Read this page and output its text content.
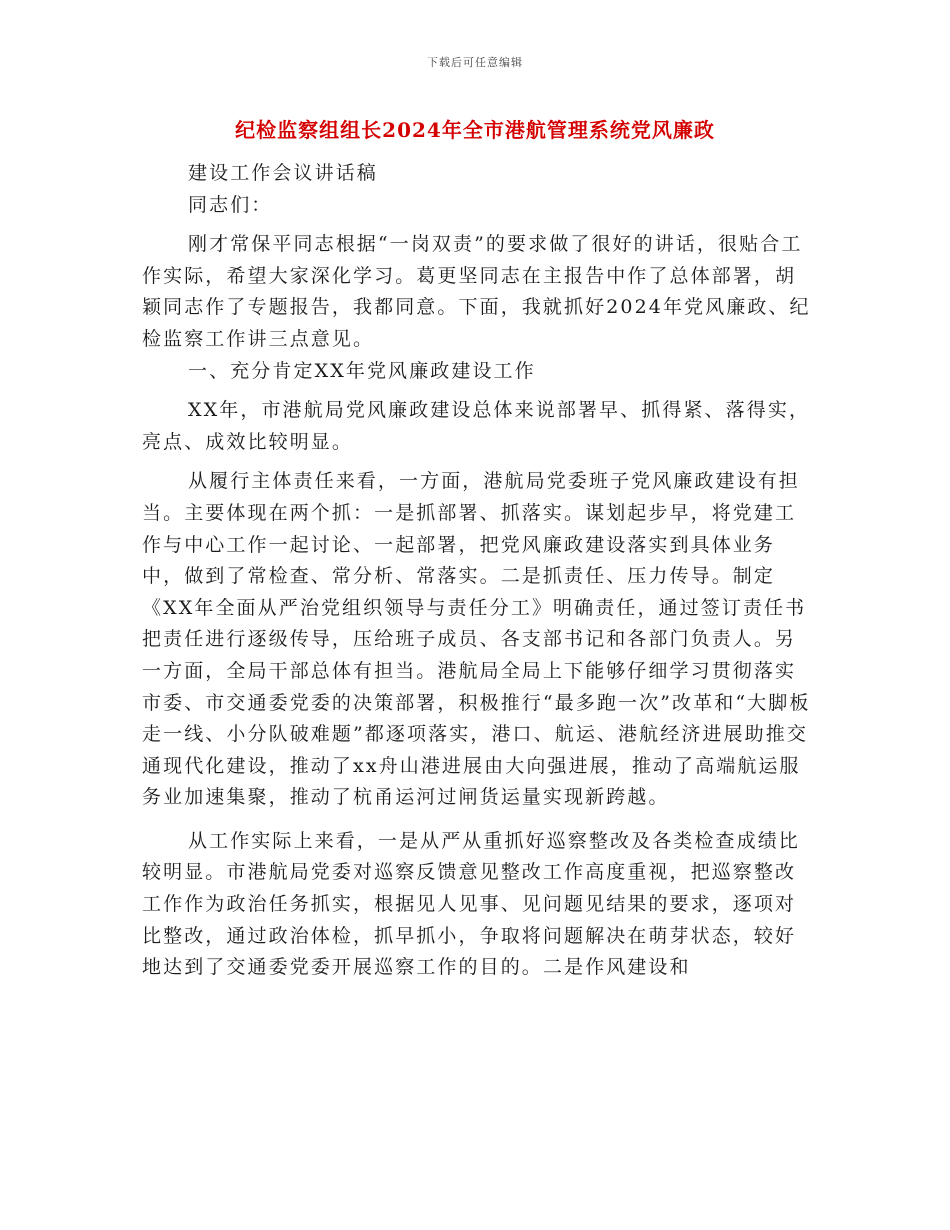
下载后可任意编辑
纪检监察组组长2024年全市港航管理系统党风廉政

建设工作会议讲话稿

同志们：

刚才常保平同志根据“一岗双责”的要求做了很好的讲话，很贴合工作实际，希望大家深化学习。葛更坚同志在主报告中作了总体部署，胡颖同志作了专题报告，我都同意。下面，我就抓好2024年党风廉政、纪检监察工作讲三点意见。

一、充分肯定XX年党风廉政建设工作

XX年，市港航局党风廉政建设总体来说部署早、抓得紧、落得实，亮点、成效比较明显。

从履行主体责任来看，一方面，港航局党委班子党风廉政建设有担当。主要体现在两个抓：一是抓部署、抓落实。谋划起步早，将党建工作与中心工作一起讨论、一起部署，把党风廉政建设落实到具体业务中，做到了常检查、常分析、常落实。二是抓责任、压力传导。制定《XX年全面从严治党组织领导与责任分工》明确责任，通过签订责任书把责任进行逐级传导，压给班子成员、各支部书记和各部门负责人。另一方面，全局干部总体有担当。港航局全局上下能够仔细学习贯彻落实市委、市交通委党委的决策部署，积极推行“最多跑一次”改革和“大脚板走一线、小分队破难题”都逐项落实，港口、航运、港航经济进展助推交通现代化建设，推动了xx舟山港进展由大向强进展，推动了高端航运服务业加速集聚，推动了杭甬运河过闸货运量实现新跨越。

从工作实际上来看，一是从严从重抓好巡察整改及各类检查成绩比较明显。市港航局党委对巡察反馈意见整改工作高度重视，把巡察整改工作作为政治任务抓实，根据见人见事、见问题见结果的要求，逐项对比整改，通过政治体检，抓早抓小，争取将问题解决在萌芽状态，较好地达到了交通委党委开展巡察工作的目的。二是作风建设和
